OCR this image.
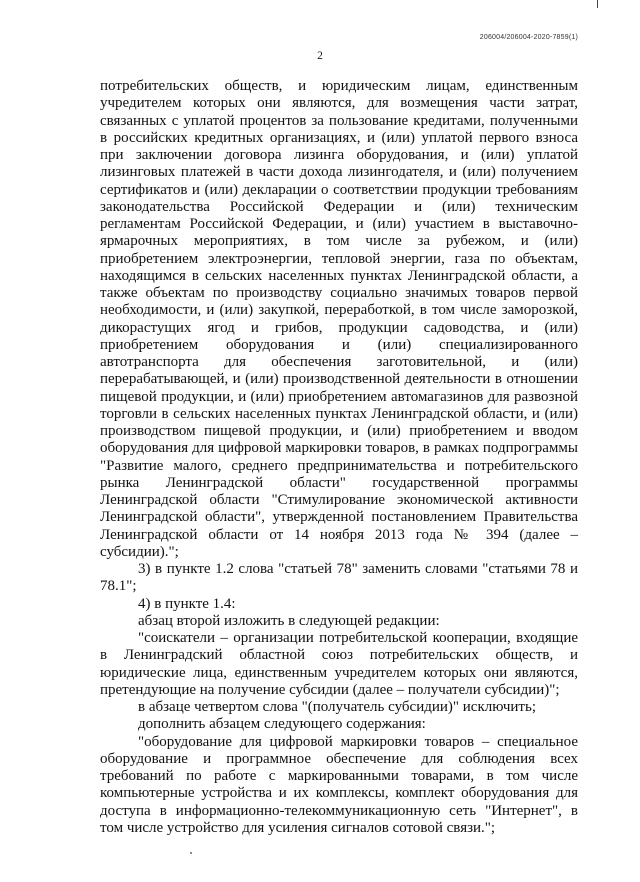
206004/206004-2020-7859(1)
2

потребительских обществ, и юридическим лицам, единственным учредителем которых они являются, для возмещения части затрат, связанных с уплатой процентов за пользование кредитами, полученными в российских кредитных организациях, и (или) уплатой первого взноса при заключении договора лизинга оборудования, и (или) уплатой лизинговых платежей в части дохода лизингодателя, и (или) получением сертификатов и (или) декларации о соответствии продукции требованиям законодательства Российской Федерации и (или) техническим регламентам Российской Федерации, и (или) участием в выставочно-ярмарочных мероприятиях, в том числе за рубежом, и (или) приобретением электроэнергии, тепловой энергии, газа по объектам, находящимся в сельских населенных пунктах Ленинградской области, а также объектам по производству социально значимых товаров первой необходимости, и (или) закупкой, переработкой, в том числе заморозкой, дикорастущих ягод и грибов, продукции садоводства, и (или) приобретением оборудования и (или) специализированного автотранспорта для обеспечения заготовительной, и (или) перерабатывающей, и (или) производственной деятельности в отношении пищевой продукции, и (или) приобретением автомагазинов для развозной торговли в сельских населенных пунктах Ленинградской области, и (или) производством пищевой продукции, и (или) приобретением и вводом оборудования для цифровой маркировки товаров, в рамках подпрограммы "Развитие малого, среднего предпринимательства и потребительского рынка Ленинградской области" государственной программы Ленинградской области "Стимулирование экономической активности Ленинградской области", утвержденной постановлением Правительства Ленинградской области от 14 ноября 2013 года № 394 (далее – субсидии).";

3) в пункте 1.2 слова "статьей 78" заменить словами "статьями 78 и 78.1";

4) в пункте 1.4:

абзац второй изложить в следующей редакции:

"соискатели – организации потребительской кооперации, входящие в Ленинградский областной союз потребительских обществ, и юридические лица, единственным учредителем которых они являются, претендующие на получение субсидии (далее – получатели субсидии)";

в абзаце четвертом слова "(получатель субсидии)" исключить;

дополнить абзацем следующего содержания:

"оборудование для цифровой маркировки товаров – специальное оборудование и программное обеспечение для соблюдения всех требований по работе с маркированными товарами, в том числе компьютерные устройства и их комплексы, комплект оборудования для доступа в информационно-телекоммуникационную сеть "Интернет", в том числе устройство для усиления сигналов сотовой связи.";
